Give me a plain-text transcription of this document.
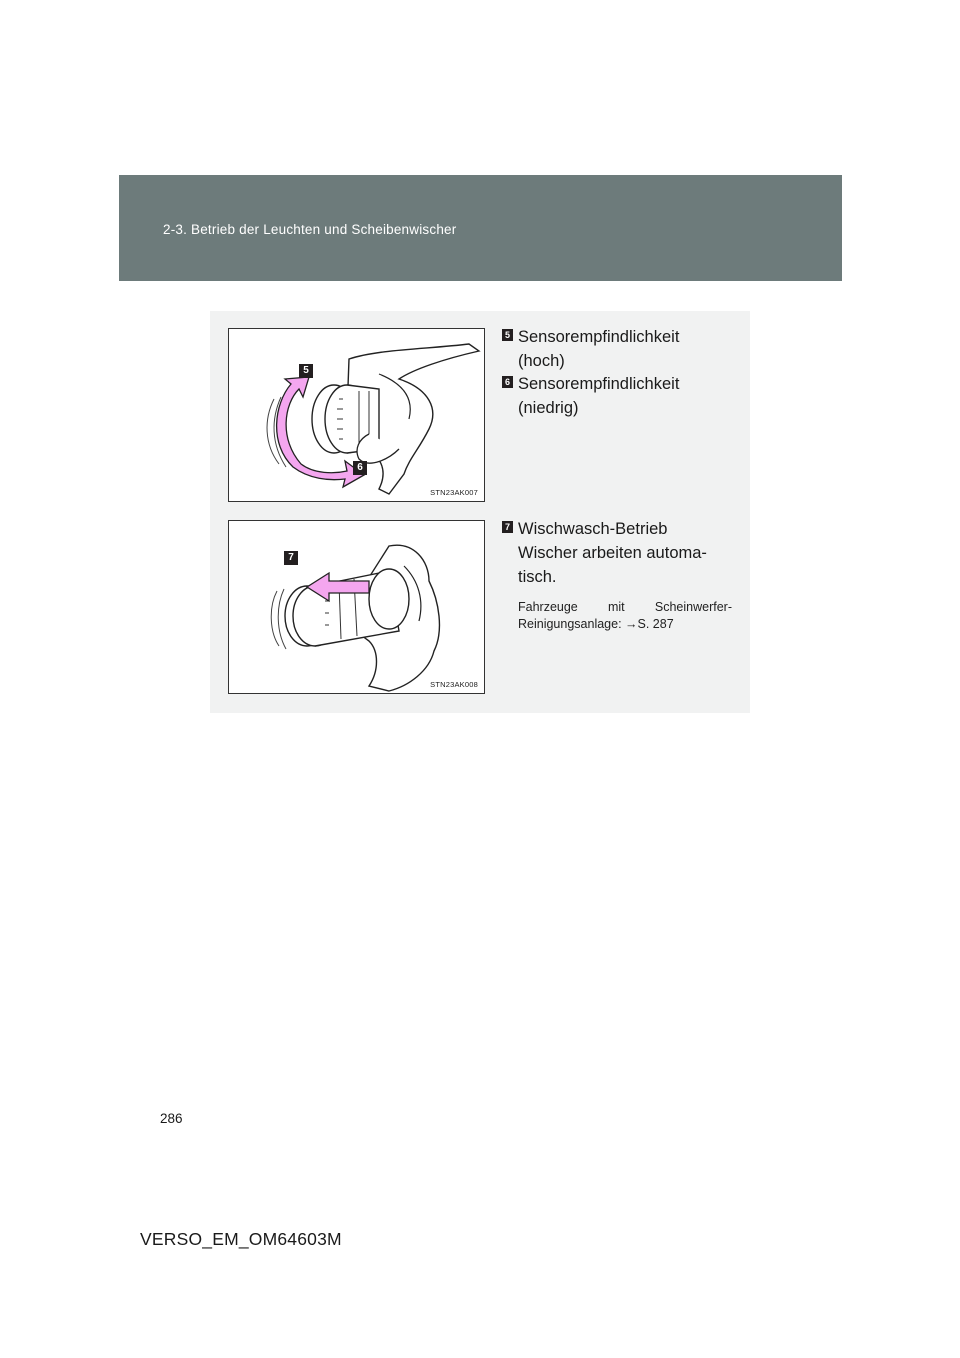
2-3. Betrieb der Leuchten und Scheibenwischer
5
6
STN23AK007
7
STN23AK008
5 Sensorempfindlichkeit
(hoch)
6 Sensorempfindlichkeit
(niedrig)
7 Wischwasch-Betrieb
Wischer arbeiten automa-
tisch.
Fahrzeuge mit Scheinwerfer-Reinigungsanlage: →S. 287
286
VERSO_EM_OM64603M
